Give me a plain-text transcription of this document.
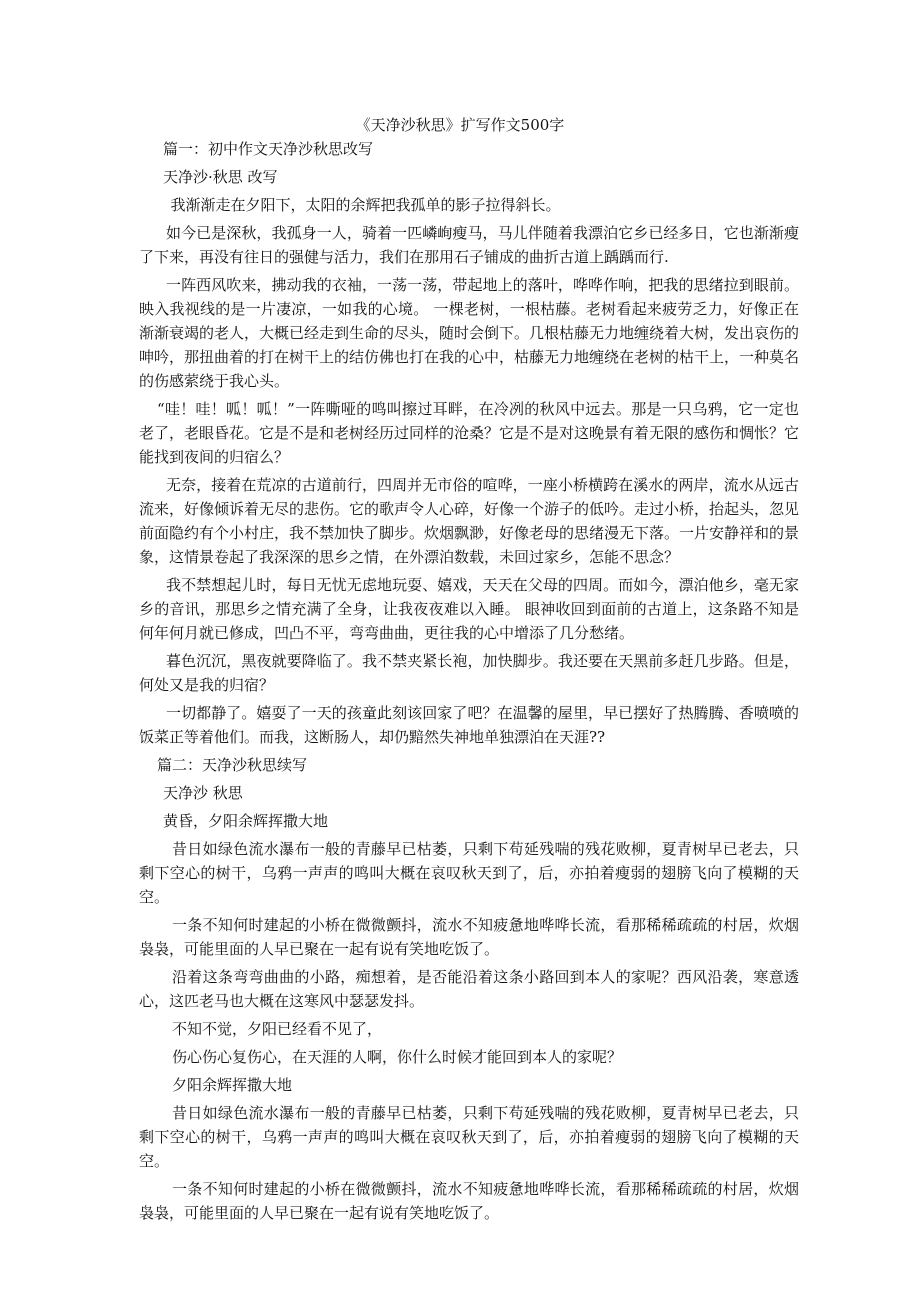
《天净沙秋思》扩写作文500字

篇一：初中作文天净沙秋思改写

天净沙·秋思 改写

我渐渐走在夕阳下，太阳的余辉把我孤单的影子拉得斜长。

如今已是深秋，我孤身一人，骑着一匹嶙峋瘦马，马儿伴随着我漂泊它乡已经多日，它也渐渐瘦了下来，再没有往日的强健与活力，我们在那用石子铺成的曲折古道上踽踽而行.

一阵西风吹来，拂动我的衣袖，一荡一荡，带起地上的落叶，哗哗作响，把我的思绪拉到眼前。映入我视线的是一片凄凉，一如我的心境。 一棵老树，一根枯藤。老树看起来疲劳乏力，好像正在渐渐衰竭的老人，大概已经走到生命的尽头，随时会倒下。几根枯藤无力地缠绕着大树，发出哀伤的呻吟，那扭曲着的打在树干上的结仿佛也打在我的心中，枯藤无力地缠绕在老树的枯干上，一种莫名的伤感萦绕于我心头。

“哇！哇！呱！呱！”一阵嘶哑的鸣叫擦过耳畔，在冷冽的秋风中远去。那是一只乌鸦，它一定也老了，老眼昏花。它是不是和老树经历过同样的沧桑？它是不是对这晚景有着无限的感伤和惆怅？它能找到夜间的归宿么？

无奈，接着在荒凉的古道前行，四周并无市俗的喧哗，一座小桥横跨在溪水的两岸，流水从远古流来，好像倾诉着无尽的悲伤。它的歌声令人心碎，好像一个游子的低吟。走过小桥，抬起头，忽见前面隐约有个小村庄，我不禁加快了脚步。炊烟飘渺，好像老母的思绪漫无下落。一片安静祥和的景象，这情景卷起了我深深的思乡之情，在外漂泊数载，未回过家乡，怎能不思念？

我不禁想起儿时，每日无忧无虑地玩耍、嬉戏，天天在父母的四周。而如今，漂泊他乡，毫无家乡的音讯，那思乡之情充满了全身，让我夜夜难以入睡。 眼神收回到面前的古道上，这条路不知是何年何月就已修成，凹凸不平，弯弯曲曲，更往我的心中增添了几分愁绪。

暮色沉沉，黑夜就要降临了。我不禁夹紧长袍，加快脚步。我还要在天黑前多赶几步路。但是，何处又是我的归宿？

一切都静了。嬉耍了一天的孩童此刻该回家了吧？在温馨的屋里，早已摆好了热腾腾、香喷喷的饭菜正等着他们。而我，这断肠人，却仍黯然失神地单独漂泊在天涯??

篇二：天净沙秋思续写

天净沙 秋思

黄昏，夕阳余辉挥撒大地

昔日如绿色流水瀑布一般的青藤早已枯萎，只剩下苟延残喘的残花败柳，夏青树早已老去，只剩下空心的树干，乌鸦一声声的鸣叫大概在哀叹秋天到了，后，亦拍着瘦弱的翅膀飞向了模糊的天空。

一条不知何时建起的小桥在微微颤抖，流水不知疲惫地哗哗长流，看那稀稀疏疏的村居，炊烟袅袅，可能里面的人早已聚在一起有说有笑地吃饭了。

沿着这条弯弯曲曲的小路，痴想着，是否能沿着这条小路回到本人的家呢？西风沿袭，寒意透心，这匹老马也大概在这寒风中瑟瑟发抖。

不知不觉，夕阳已经看不见了，

伤心伤心复伤心，在天涯的人啊，你什么时候才能回到本人的家呢？

夕阳余辉挥撒大地

昔日如绿色流水瀑布一般的青藤早已枯萎，只剩下苟延残喘的残花败柳，夏青树早已老去，只剩下空心的树干，乌鸦一声声的鸣叫大概在哀叹秋天到了，后，亦拍着瘦弱的翅膀飞向了模糊的天空。

一条不知何时建起的小桥在微微颤抖，流水不知疲惫地哗哗长流，看那稀稀疏疏的村居，炊烟袅袅，可能里面的人早已聚在一起有说有笑地吃饭了。
